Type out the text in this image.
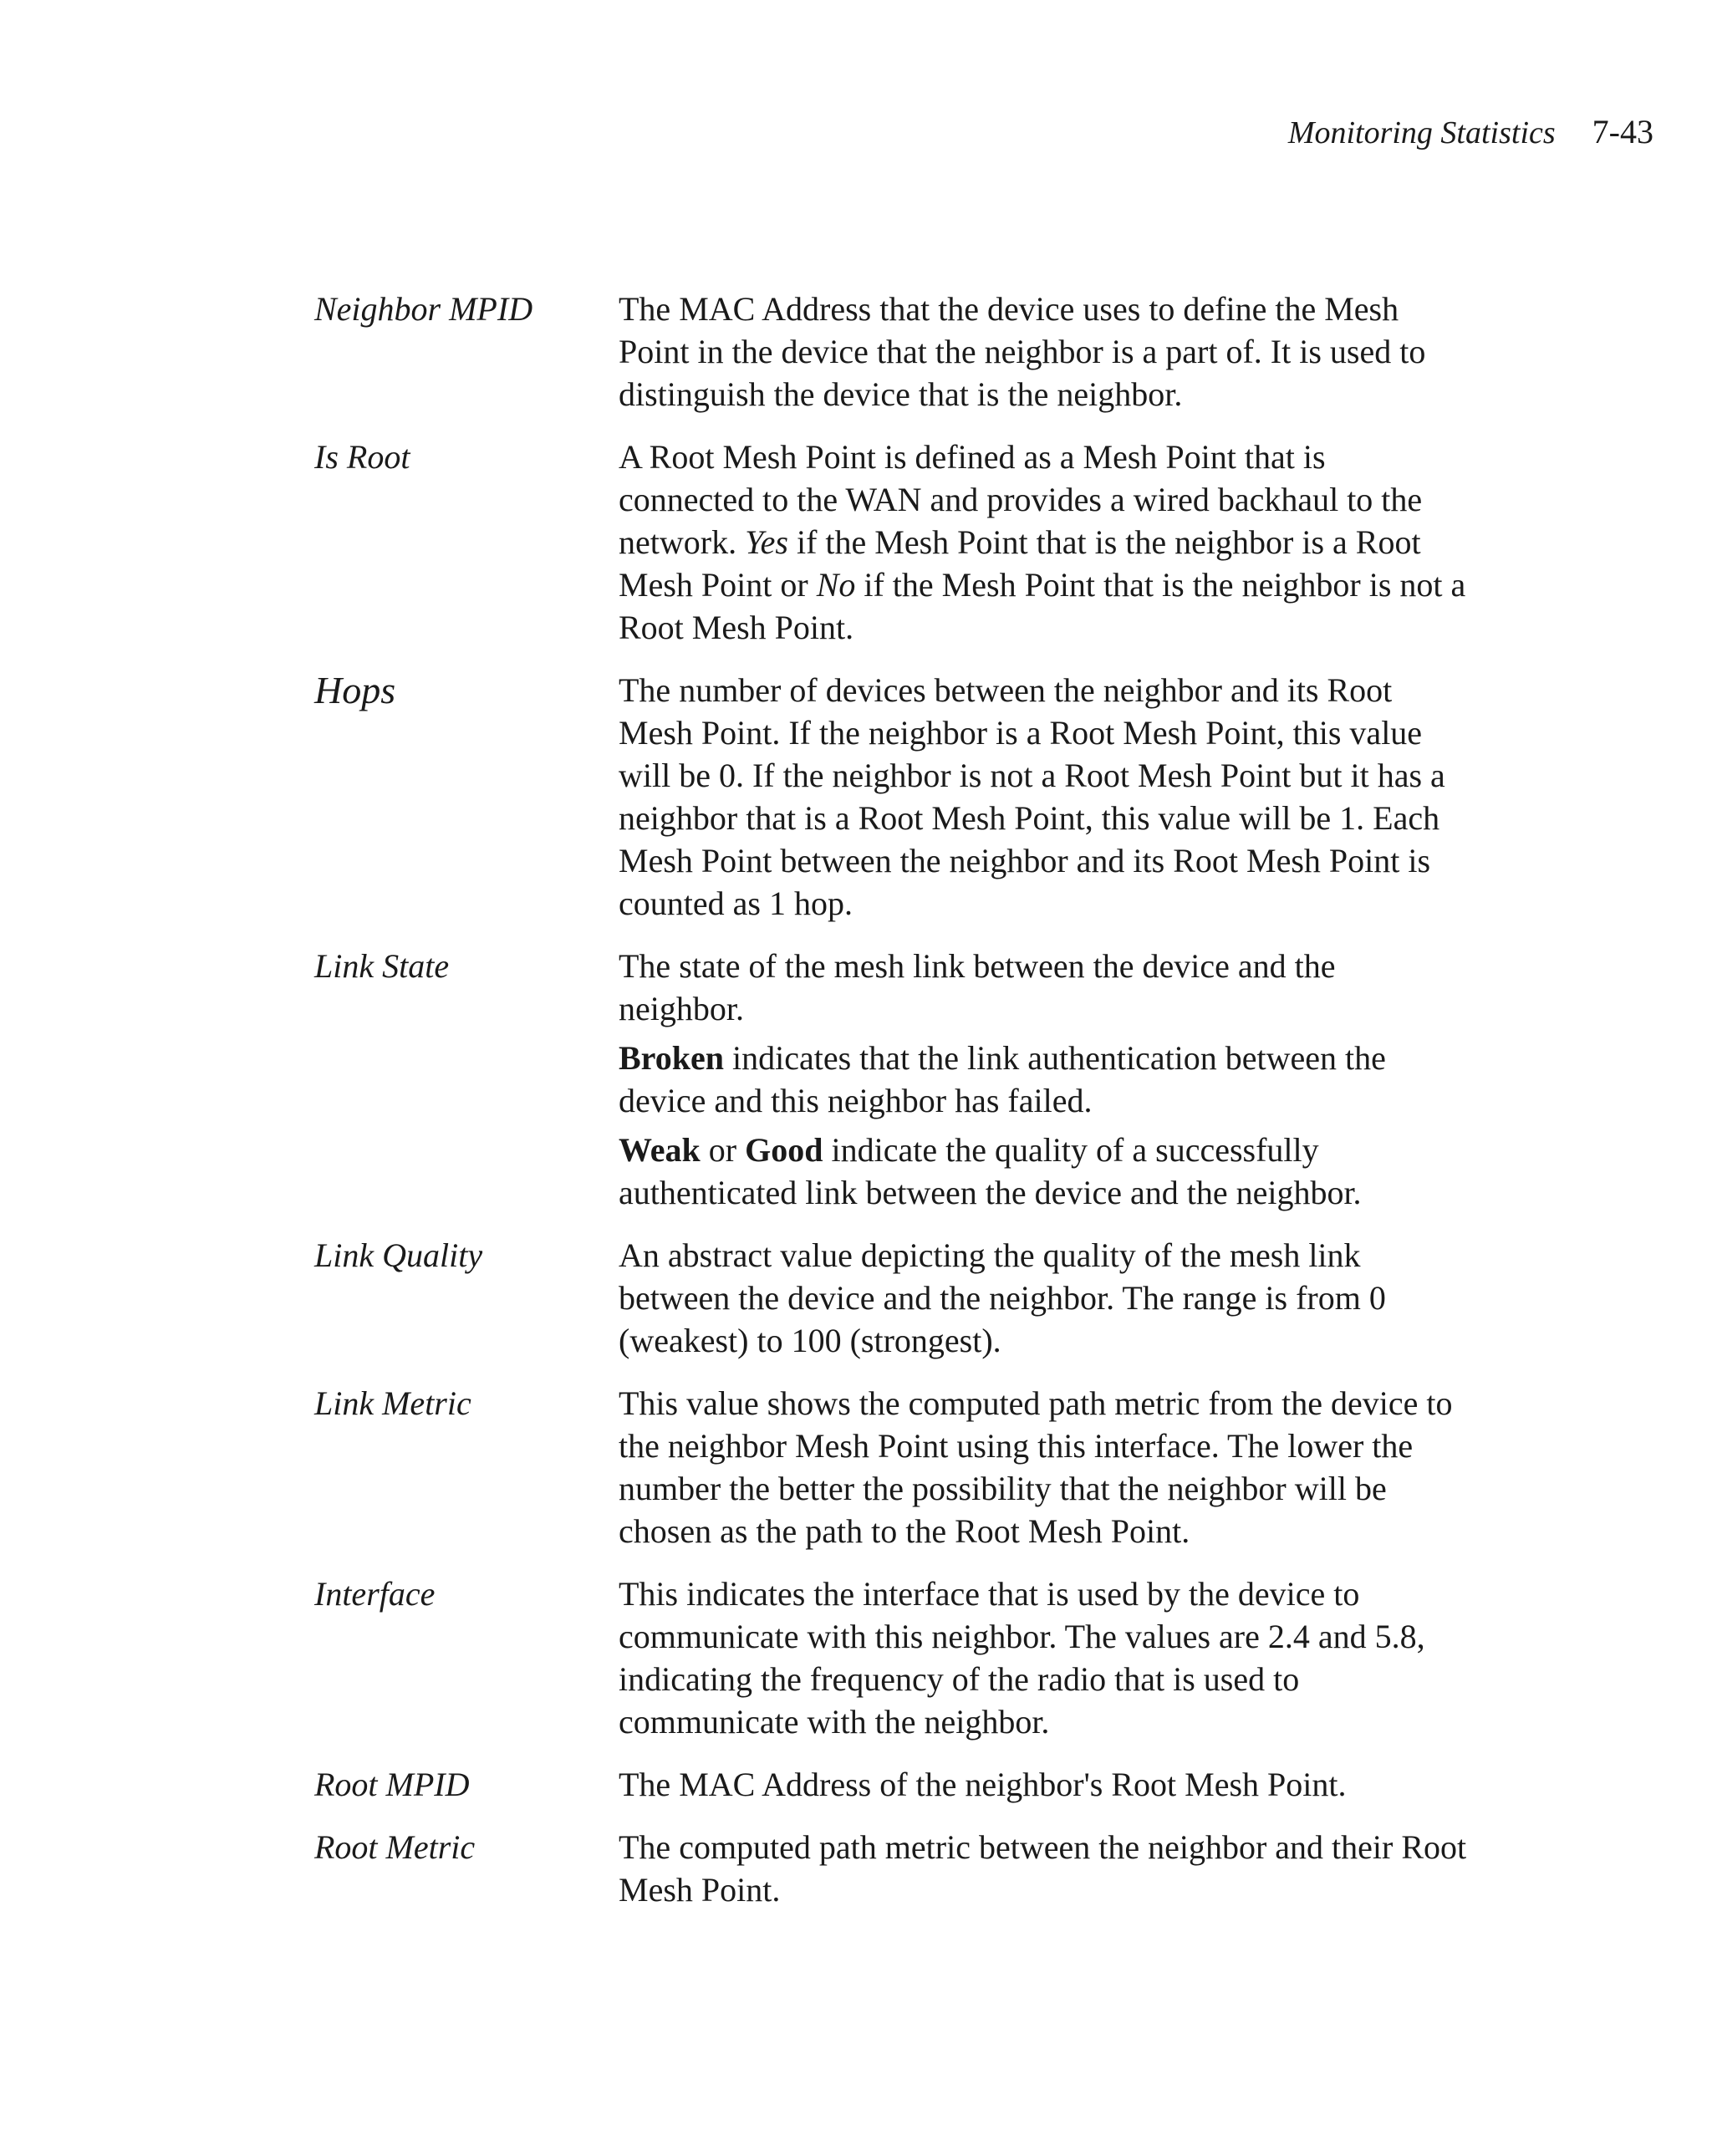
Monitoring Statistics 7-43
Neighbor MPID	The MAC Address that the device uses to define the Mesh Point in the device that the neighbor is a part of. It is used to distinguish the device that is the neighbor.

Is Root	A Root Mesh Point is defined as a Mesh Point that is connected to the WAN and provides a wired backhaul to the network. Yes if the Mesh Point that is the neighbor is a Root Mesh Point or No if the Mesh Point that is the neighbor is not a Root Mesh Point.

Hops	The number of devices between the neighbor and its Root Mesh Point. If the neighbor is a Root Mesh Point, this value will be 0. If the neighbor is not a Root Mesh Point but it has a neighbor that is a Root Mesh Point, this value will be 1. Each Mesh Point between the neighbor and its Root Mesh Point is counted as 1 hop.

Link State	The state of the mesh link between the device and the neighbor.

Broken indicates that the link authentication between the device and this neighbor has failed.

Weak or Good indicate the quality of a successfully authenticated link between the device and the neighbor.

Link Quality	An abstract value depicting the quality of the mesh link between the device and the neighbor. The range is from 0 (weakest) to 100 (strongest).

Link Metric	This value shows the computed path metric from the device to the neighbor Mesh Point using this interface. The lower the number the better the possibility that the neighbor will be chosen as the path to the Root Mesh Point.

Interface	This indicates the interface that is used by the device to communicate with this neighbor. The values are 2.4 and 5.8, indicating the frequency of the radio that is used to communicate with the neighbor.

Root MPID	The MAC Address of the neighbor's Root Mesh Point.

Root Metric	The computed path metric between the neighbor and their Root Mesh Point.
